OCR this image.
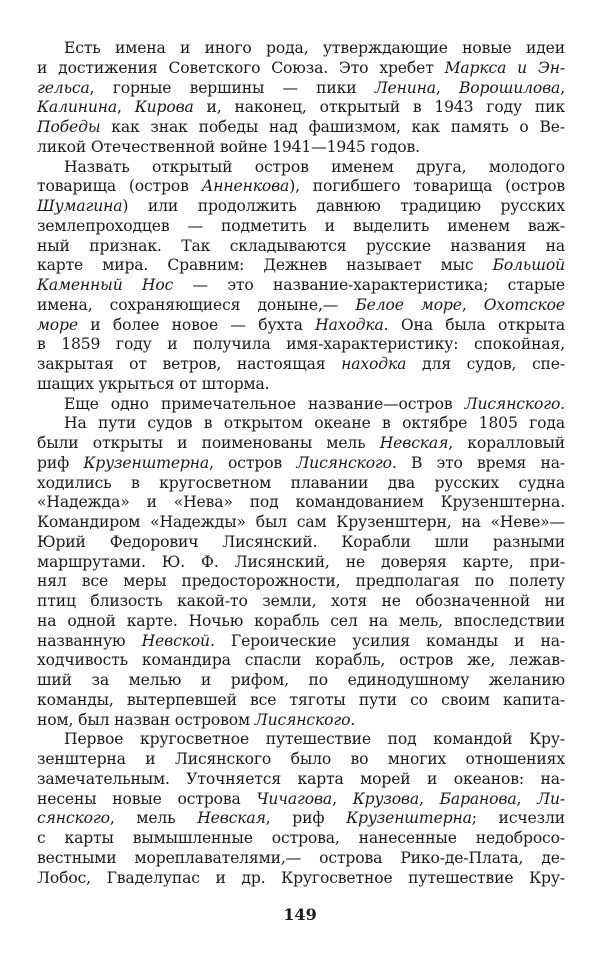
Есть имена и иного рода, утверждающие новые идеи
и достижения Советского Союза. Это хребет Маркса и Эн-
гельса, горные вершины — пики Ленина, Ворошилова,
Калинина, Кирова и, наконец, открытый в 1943 году пик
Победы как знак победы над фашизмом, как память о Ве-
ликой Отечественной войне 1941—1945 годов.
Назвать открытый остров именем друга, молодого
товарища (остров Анненкова), погибшего товарища (остров
Шумагина) или продолжить давнюю традицию русских
землепроходцев — подметить и выделить именем важ-
ный признак. Так складываются русские названия на
карте мира. Сравним: Дежнев называет мыс Большой
Каменный Нос — это название-характеристика; старые
имена, сохраняющиеся доныне,— Белое море, Охотское
море и более новое — бухта Находка. Она была открыта
в 1859 году и получила имя-характеристику: спокойная,
закрытая от ветров, настоящая находка для судов, спе-
шащих укрыться от шторма.
Еще одно примечательное название—остров Лисянского.
На пути судов в открытом океане в октябре 1805 года
были открыты и поименованы мель Невская, коралловый
риф Крузенштерна, остров Лисянского. В это время на-
ходились в кругосветном плавании два русских судна
«Надежда» и «Нева» под командованием Крузенштерна.
Командиром «Надежды» был сам Крузенштерн, на «Неве»—
Юрий Федорович Лисянский. Корабли шли разными
маршрутами. Ю. Ф. Лисянский, не доверяя карте, при-
нял все меры предосторожности, предполагая по полету
птиц близость какой-то земли, хотя не обозначенной ни
на одной карте. Ночью корабль сел на мель, впоследствии
названную Невской. Героические усилия команды и на-
ходчивость командира спасли корабль, остров же, лежав-
ший за мелью и рифом, по единодушному желанию
команды, вытерпевшей все тяготы пути со своим капита-
ном, был назван островом Лисянского.
Первое кругосветное путешествие под командой Кру-
зенштерна и Лисянского было во многих отношениях
замечательным. Уточняется карта морей и океанов: на-
несены новые острова Чичагова, Крузова, Баранова, Ли-
сянского, мель Невская, риф Крузенштерна; исчезли
с карты вымышленные острова, нанесенные недобросо-
вестными мореплавателями,— острова Рико-де-Плата, де-
Лобос, Гваделупас и др. Кругосветное путешествие Кру-
149
